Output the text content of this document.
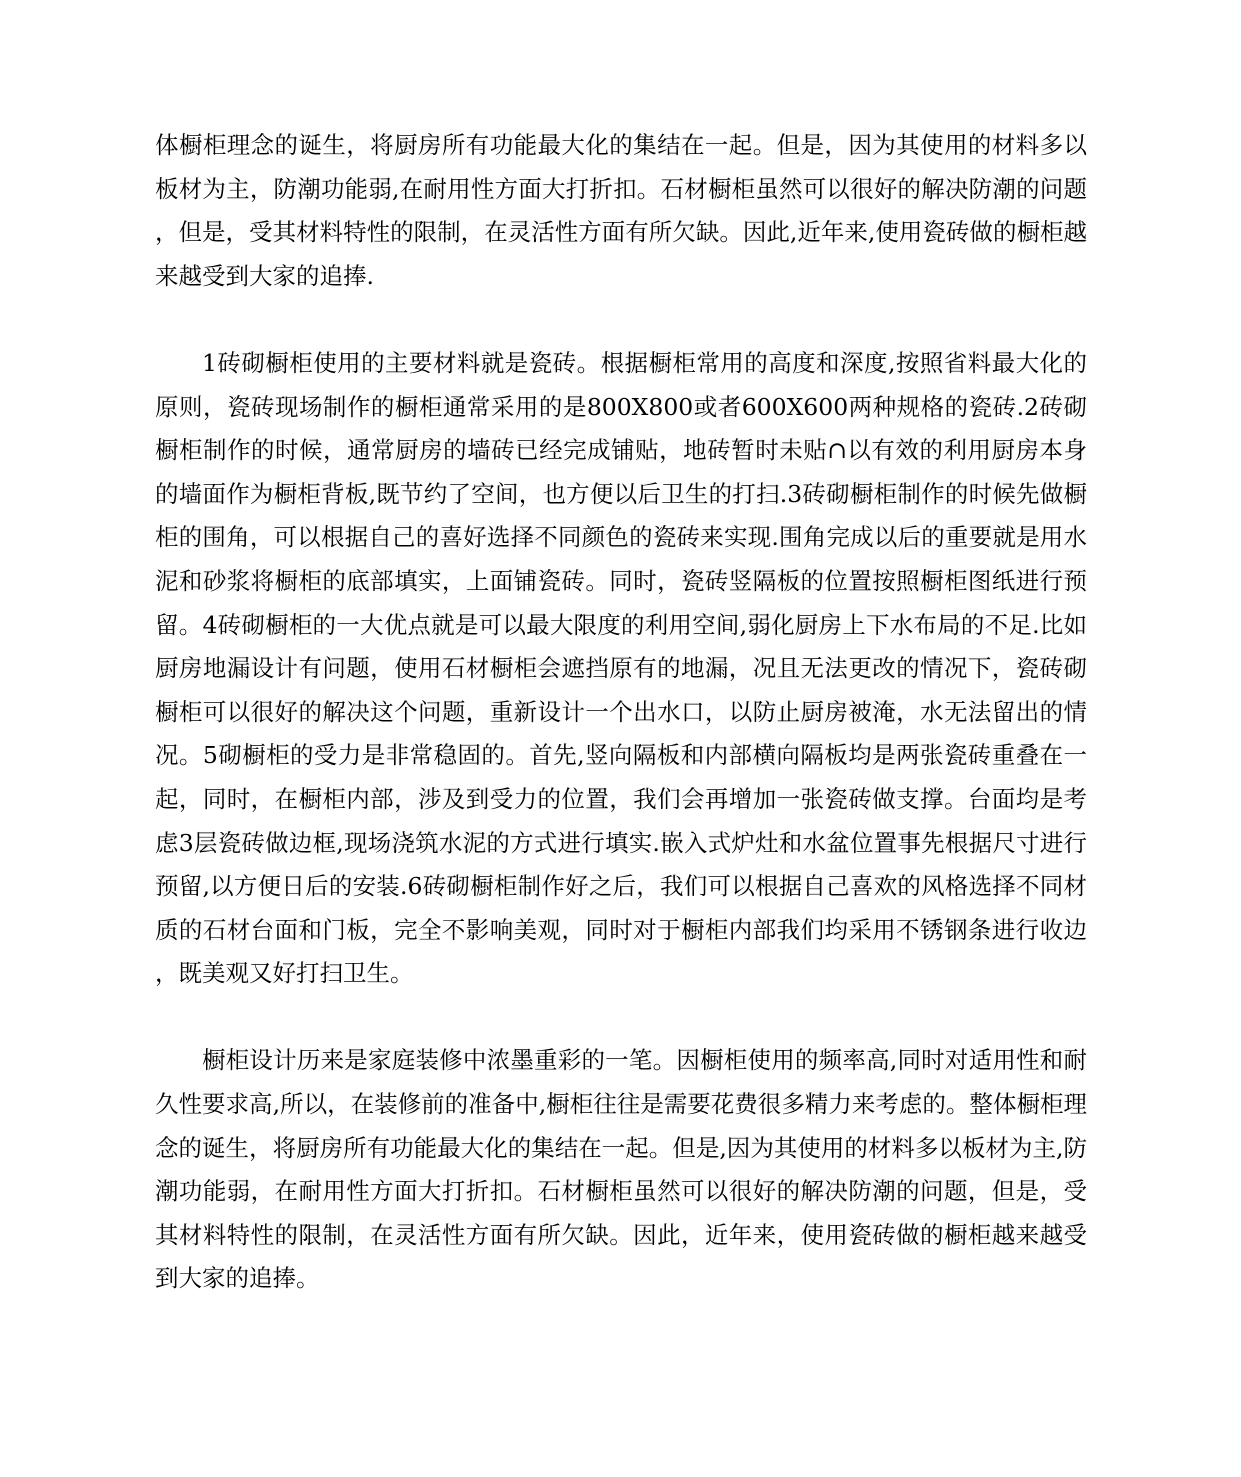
体橱柜理念的诞生，将厨房所有功能最大化的集结在一起。但是，因为其使用的材料多以板材为主，防潮功能弱,在耐用性方面大打折扣。石材橱柜虽然可以很好的解决防潮的问题，但是，受其材料特性的限制，在灵活性方面有所欠缺。因此,近年来,使用瓷砖做的橱柜越来越受到大家的追捧.

1砖砌橱柜使用的主要材料就是瓷砖。根据橱柜常用的高度和深度,按照省料最大化的原则，瓷砖现场制作的橱柜通常采用的是800X800或者600X600两种规格的瓷砖.2砖砌橱柜制作的时候，通常厨房的墙砖已经完成铺贴，地砖暂时未贴∩以有效的利用厨房本身的墙面作为橱柜背板,既节约了空间，也方便以后卫生的打扫.3砖砌橱柜制作的时候先做橱柜的围角，可以根据自己的喜好选择不同颜色的瓷砖来实现.围角完成以后的重要就是用水泥和砂浆将橱柜的底部填实，上面铺瓷砖。同时，瓷砖竖隔板的位置按照橱柜图纸进行预留。4砖砌橱柜的一大优点就是可以最大限度的利用空间,弱化厨房上下水布局的不足.比如厨房地漏设计有问题，使用石材橱柜会遮挡原有的地漏，况且无法更改的情况下，瓷砖砌橱柜可以很好的解决这个问题，重新设计一个出水口，以防止厨房被淹，水无法留出的情况。5砌橱柜的受力是非常稳固的。首先,竖向隔板和内部横向隔板均是两张瓷砖重叠在一起，同时，在橱柜内部，涉及到受力的位置，我们会再增加一张瓷砖做支撑。台面均是考虑3层瓷砖做边框,现场浇筑水泥的方式进行填实.嵌入式炉灶和水盆位置事先根据尺寸进行预留,以方便日后的安装.6砖砌橱柜制作好之后，我们可以根据自己喜欢的风格选择不同材质的石材台面和门板，完全不影响美观，同时对于橱柜内部我们均采用不锈钢条进行收边，既美观又好打扫卫生。

橱柜设计历来是家庭装修中浓墨重彩的一笔。因橱柜使用的频率高,同时对适用性和耐久性要求高,所以，在装修前的准备中,橱柜往往是需要花费很多精力来考虑的。整体橱柜理念的诞生，将厨房所有功能最大化的集结在一起。但是,因为其使用的材料多以板材为主,防潮功能弱，在耐用性方面大打折扣。石材橱柜虽然可以很好的解决防潮的问题，但是，受其材料特性的限制，在灵活性方面有所欠缺。因此，近年来，使用瓷砖做的橱柜越来越受到大家的追捧。
